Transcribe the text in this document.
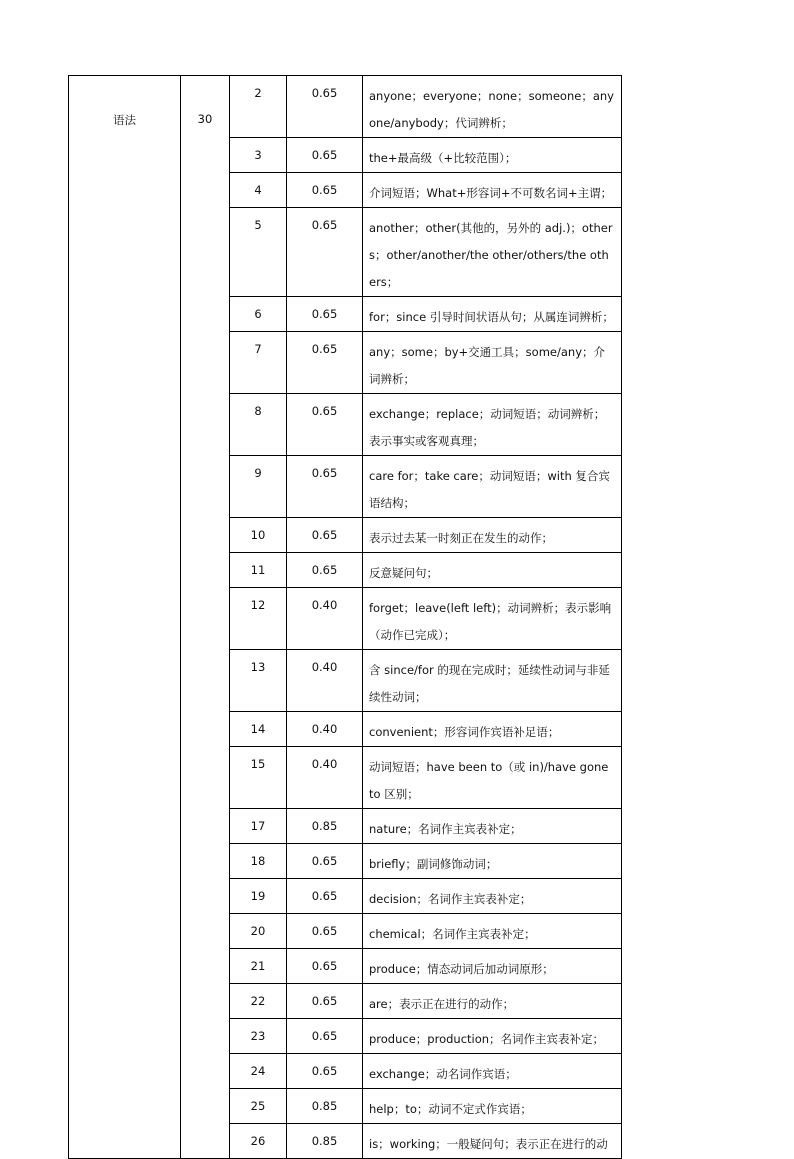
语法	30	2	0.65	anyone；everyone；none；someone；anyone/anybody；代词辨析；

		3	0.65	the+最高级（+比较范围）；

		4	0.65	介词短语；What+形容词+不可数名词+主谓；

		5	0.65	another；other(其他的，另外的 adj.)；others；other/another/the other/others/the others；

		6	0.65	for；since 引导时间状语从句；从属连词辨析；

		7	0.65	any；some；by+交通工具；some/any；介词辨析；

		8	0.65	exchange；replace；动词短语；动词辨析；表示事实或客观真理；

		9	0.65	care for；take care；动词短语；with 复合宾语结构；

		10	0.65	表示过去某一时刻正在发生的动作；

		11	0.65	反意疑问句；

		12	0.40	forget；leave(left left)；动词辨析；表示影响（动作已完成）；

		13	0.40	含 since/for 的现在完成时；延续性动词与非延续性动词；

		14	0.40	convenient；形容词作宾语补足语；

		15	0.40	动词短语；have been to（或 in)/have gone to 区别；

		17	0.85	nature；名词作主宾表补定；

		18	0.65	briefly；副词修饰动词；

		19	0.65	decision；名词作主宾表补定；

		20	0.65	chemical；名词作主宾表补定；

		21	0.65	produce；情态动词后加动词原形；

		22	0.65	are；表示正在进行的动作；

		23	0.65	produce；production；名词作主宾表补定；

		24	0.65	exchange；动名词作宾语；

		25	0.85	help；to；动词不定式作宾语；

		26	0.85	is；working；一般疑问句；表示正在进行的动
